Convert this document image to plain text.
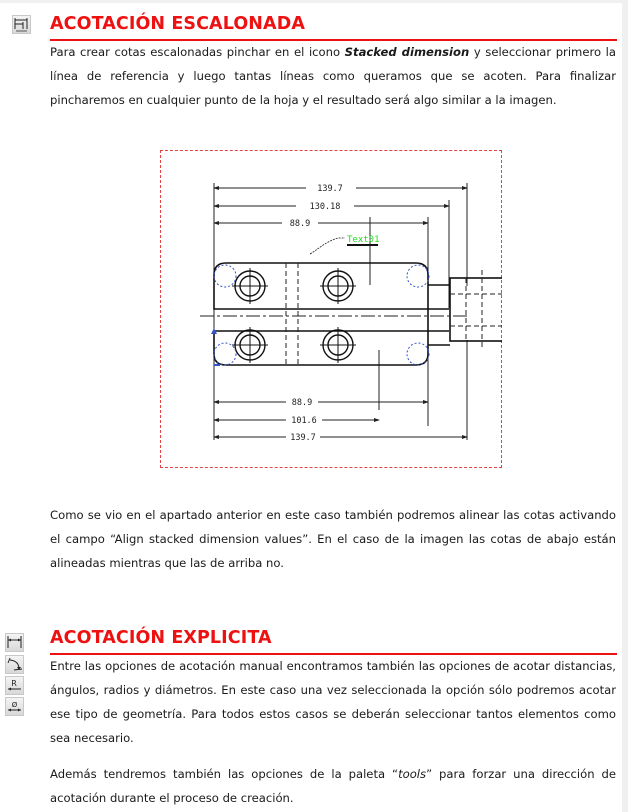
ACOTACIÓN ESCALONADA
Para crear cotas escalonadas pinchar en el icono Stacked dimension y seleccionar primero la línea de referencia y luego tantas líneas como queramos que se acoten. Para finalizar pincharemos en cualquier punto de la hoja y el resultado será algo similar a la imagen.
139.7
130.18
88.9
Text01
88.9
101.6
139.7
Como se vio en el apartado anterior en este caso también podremos alinear las cotas activando el campo “Align stacked dimension values”. En el caso de la imagen las cotas de abajo están alineadas mientras que las de arriba no.
R
Ø
ACOTACIÓN EXPLICITA
Entre las opciones de acotación manual encontramos también las opciones de acotar distancias, ángulos, radios y diámetros. En este caso una vez seleccionada la opción sólo podremos acotar ese tipo de geometría. Para todos estos casos se deberán seleccionar tantos elementos como sea necesario.
Además tendremos también las opciones de la paleta “tools” para forzar una dirección de acotación durante el proceso de creación.
